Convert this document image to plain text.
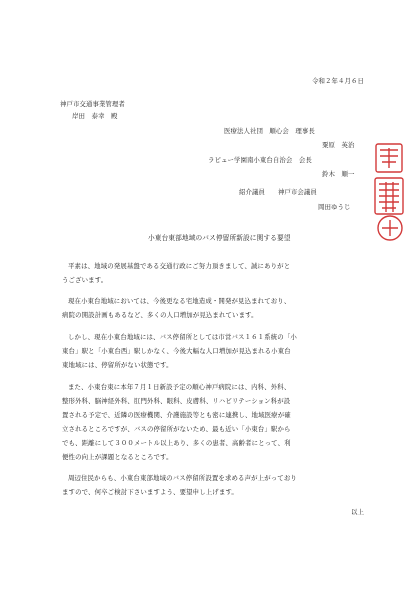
令和２年４月６日
神戸市交通事業管理者
岸田　泰幸　殿
医療法人社団　順心会　理事長
粟原　英治
ラピュー学園南小東台自治会　会長
鈴木　順一
紹介議員　　神戸市会議員
岡田ゆうじ
小東台東部地域のバス停留所新設に関する要望
平素は、地域の発展基盤である交通行政にご努力頂きまして、誠にありがと
うございます。
現在小東台地域においては、今後更なる宅地造成・開発が見込まれており、
病院の開設計画もあるなど、多くの人口増加が見込まれています。
しかし、現在小東台地域には、バス停留所としては市営バス１６１系統の「小
東台」駅と「小東台西」駅しかなく、今後大幅な人口増加が見込まれる小東台
東地域には、停留所がない状態です。
また、小東台東に本年７月１日新設予定の順心神戸病院には、内科、外科、
整形外科、脳神経外科、肛門外科、眼科、皮膚科、リハビリテーション科が設
置される予定で、近隣の医療機関、介護施設等とも密に連携し、地域医療が確
立されるところですが、バスの停留所がないため、最も近い「小東台」駅から
でも、距離にして３００メートル以上あり、多くの患者、高齢者にとって、利
便性の向上が課題となるところです。
周辺住民からも、小東台東部地域のバス停留所設置を求める声が上がっており
ますので、何卒ご検討下さいますよう、要望申し上げます。
以上
